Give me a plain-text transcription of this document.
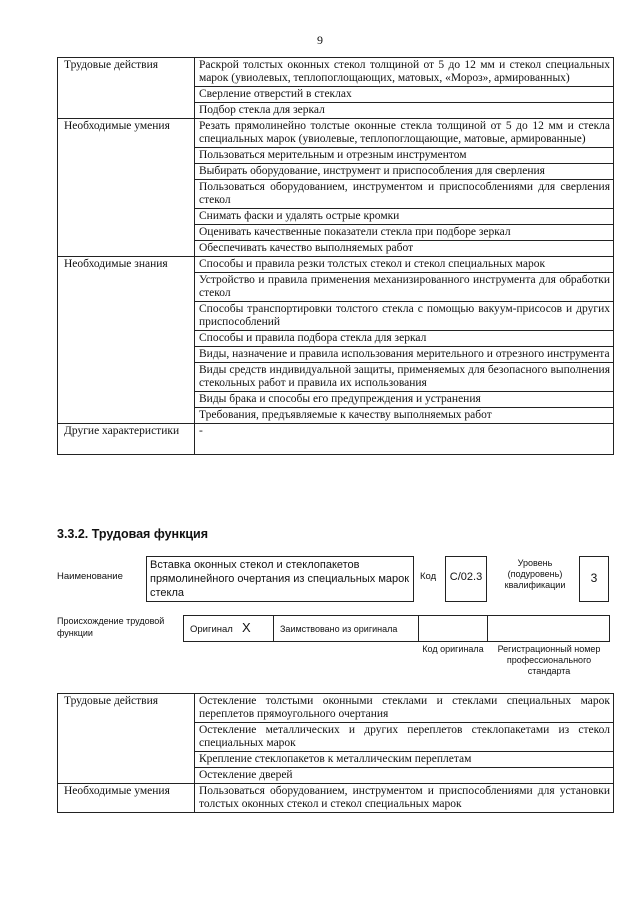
9
Трудовые действия	Раскрой толстых оконных стекол толщиной от 5 до 12 мм и стекол специальных марок (увиолевых, теплопоглощающих, матовых, «Мороз», армированных)
	Сверление отверстий в стеклах
	Подбор стекла для зеркал
Необходимые умения	Резать прямолинейно толстые оконные стекла толщиной от 5 до 12 мм и стекла специальных марок (увиолевые, теплопоглощающие, матовые, армированные)
	Пользоваться мерительным и отрезным инструментом
	Выбирать оборудование, инструмент и приспособления для сверления
	Пользоваться оборудованием, инструментом и приспособлениями для сверления стекол
	Снимать фаски и удалять острые кромки
	Оценивать качественные показатели стекла при подборе зеркал
	Обеспечивать качество выполняемых работ
Необходимые знания	Способы и правила резки толстых стекол и стекол специальных марок
	Устройство и правила применения механизированного инструмента для обработки стекол
	Способы транспортировки толстого стекла с помощью вакуум-присосов и других приспособлений
	Способы и правила подбора стекла для зеркал
	Виды, назначение и правила использования мерительного и отрезного инструмента
	Виды средств индивидуальной защиты, применяемых для безопасного выполнения стекольных работ и правила их использования
	Виды брака и способы его предупреждения и устранения
	Требования, предъявляемые к качеству выполняемых работ
Другие характеристики	-
3.3.2. Трудовая функция
Наименование
Вставка оконных стекол и стеклопакетов прямолинейного очертания из специальных марок стекла
Код	C/02.3
Уровень (подуровень) квалификации	3
Происхождение трудовой функции	Оригинал X	Заимствовано из оригинала
Код оригинала	Регистрационный номер профессионального стандарта
Трудовые действия	Остекление толстыми оконными стеклами и стеклами специальных марок переплетов прямоугольного очертания
	Остекление металлических и других переплетов стеклопакетами из стекол специальных марок
	Крепление стеклопакетов к металлическим переплетам
	Остекление дверей
Необходимые умения	Пользоваться оборудованием, инструментом и приспособлениями для установки толстых оконных стекол и стекол специальных марок
